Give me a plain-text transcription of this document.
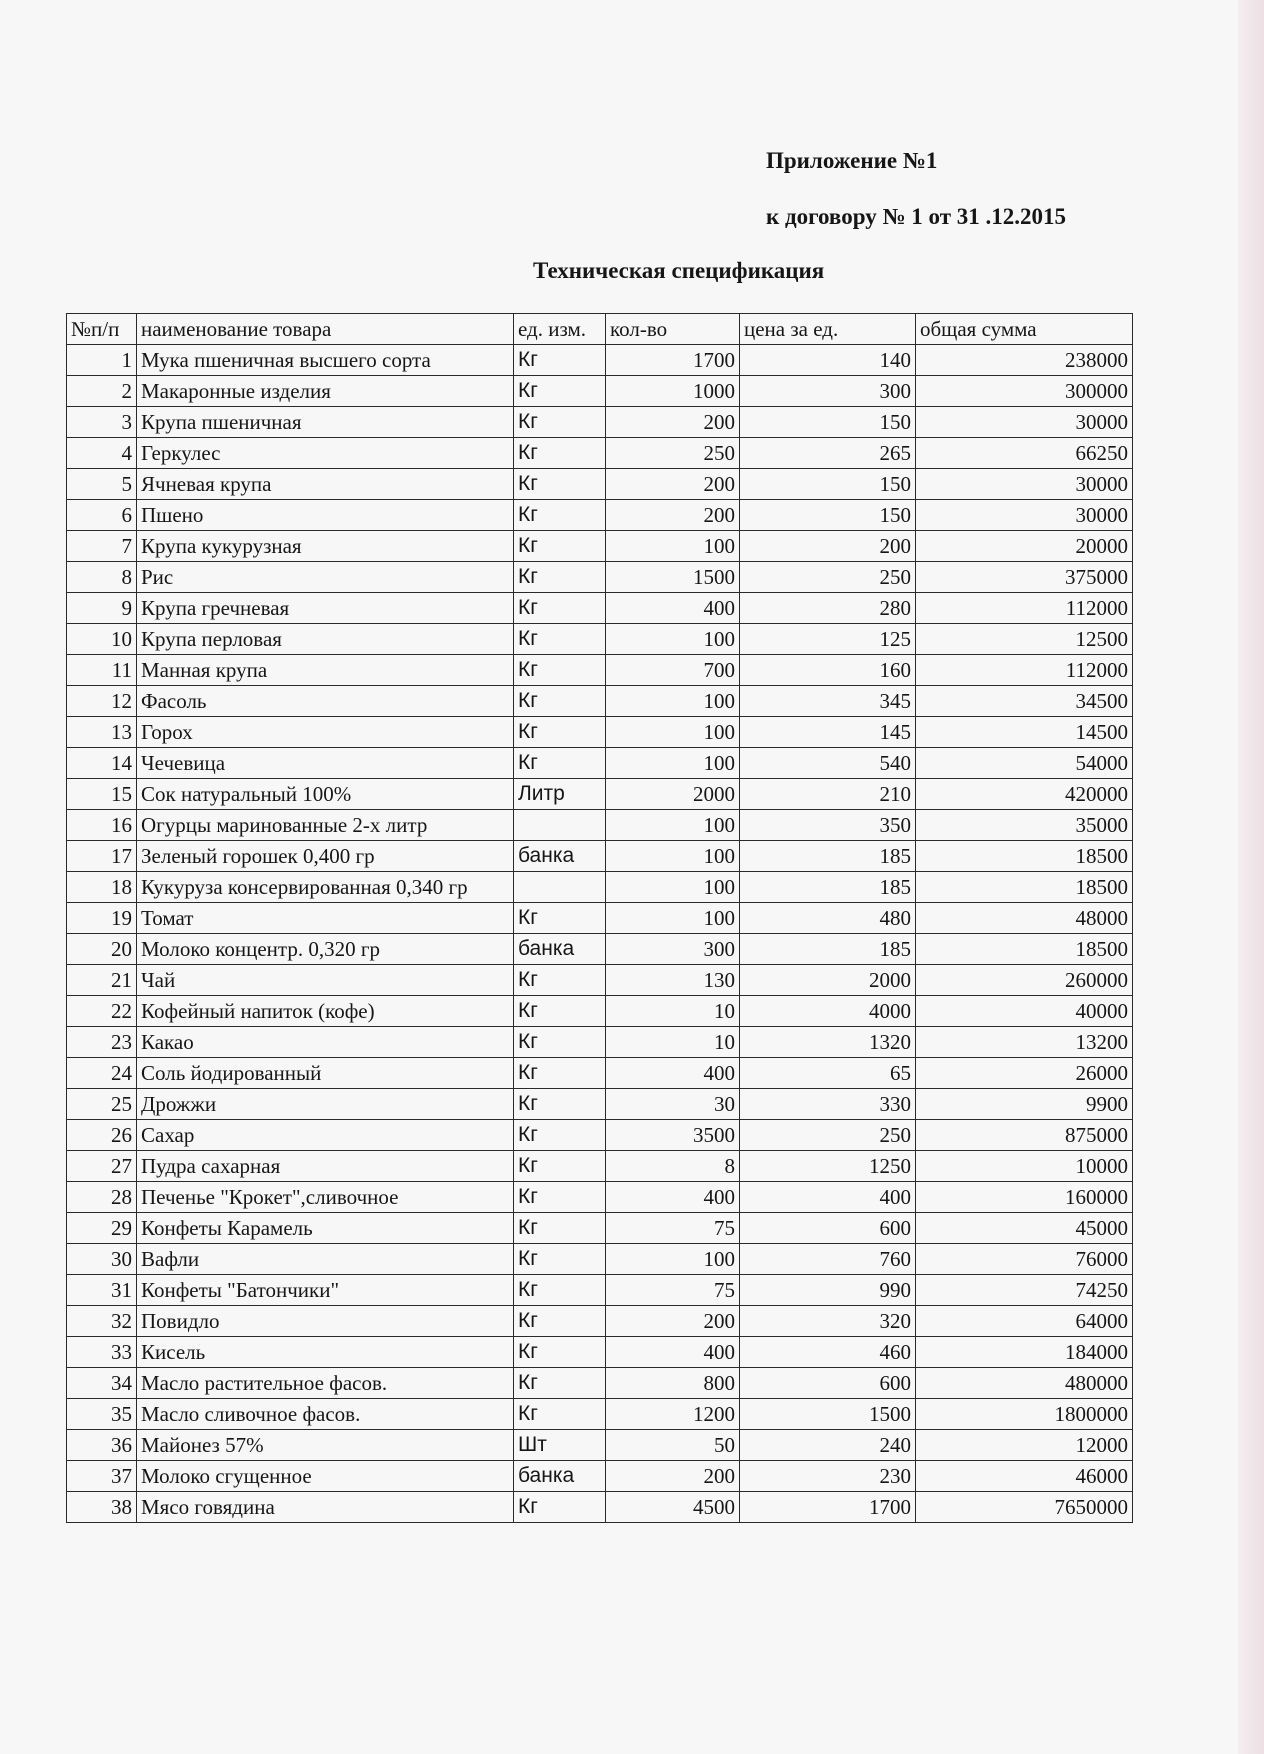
Приложение №1
к договору № 1 от 31 .12.2015
Техническая спецификация
№п/п	наименование товара	ед. изм.	кол-во	цена за ед.	общая сумма
1	Мука пшеничная высшего сорта	Кг	1700	140	238000
2	Макаронные изделия	Кг	1000	300	300000
3	Крупа пшеничная	Кг	200	150	30000
4	Геркулес	Кг	250	265	66250
5	Ячневая крупа	Кг	200	150	30000
6	Пшено	Кг	200	150	30000
7	Крупа кукурузная	Кг	100	200	20000
8	Рис	Кг	1500	250	375000
9	Крупа гречневая	Кг	400	280	112000
10	Крупа перловая	Кг	100	125	12500
11	Манная крупа	Кг	700	160	112000
12	Фасоль	Кг	100	345	34500
13	Горох	Кг	100	145	14500
14	Чечевица	Кг	100	540	54000
15	Сок натуральный 100%	Литр	2000	210	420000
16	Огурцы маринованные 2-х литр		100	350	35000
17	Зеленый горошек 0,400 гр	банка	100	185	18500
18	Кукуруза консервированная 0,340 гр		100	185	18500
19	Томат	Кг	100	480	48000
20	Молоко концентр. 0,320 гр	банка	300	185	18500
21	Чай	Кг	130	2000	260000
22	Кофейный напиток (кофе)	Кг	10	4000	40000
23	Какао	Кг	10	1320	13200
24	Соль йодированный	Кг	400	65	26000
25	Дрожжи	Кг	30	330	9900
26	Сахар	Кг	3500	250	875000
27	Пудра сахарная	Кг	8	1250	10000
28	Печенье "Крокет",сливочное	Кг	400	400	160000
29	Конфеты Карамель	Кг	75	600	45000
30	Вафли	Кг	100	760	76000
31	Конфеты "Батончики"	Кг	75	990	74250
32	Повидло	Кг	200	320	64000
33	Кисель	Кг	400	460	184000
34	Масло растительное фасов.	Кг	800	600	480000
35	Масло сливочное фасов.	Кг	1200	1500	1800000
36	Майонез 57%	Шт	50	240	12000
37	Молоко сгущенное	банка	200	230	46000
38	Мясо говядина	Кг	4500	1700	7650000
